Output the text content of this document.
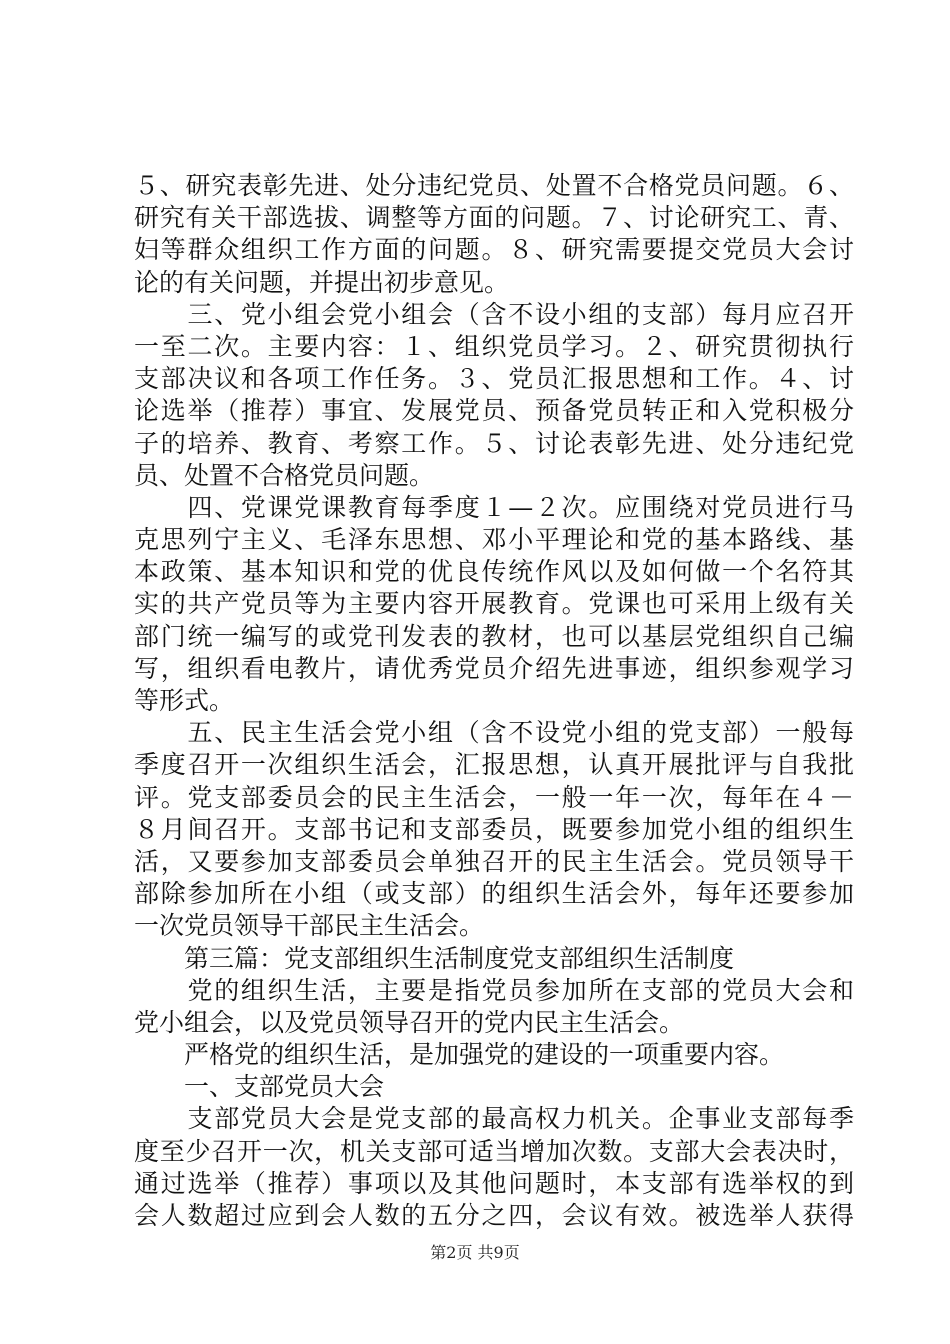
５、研究表彰先进、处分违纪党员、处置不合格党员问题。６、
研究有关干部选拔、调整等方面的问题。７、讨论研究工、青、
妇等群众组织工作方面的问题。８、研究需要提交党员大会讨
论的有关问题，并提出初步意见。
　　三、党小组会党小组会（含不设小组的支部）每月应召开
一至二次。主要内容：１、组织党员学习。２、研究贯彻执行
支部决议和各项工作任务。３、党员汇报思想和工作。４、讨
论选举（推荐）事宜、发展党员、预备党员转正和入党积极分
子的培养、教育、考察工作。５、讨论表彰先进、处分违纪党
员、处置不合格党员问题。
　　四、党课党课教育每季度１—２次。应围绕对党员进行马
克思列宁主义、毛泽东思想、邓小平理论和党的基本路线、基
本政策、基本知识和党的优良传统作风以及如何做一个名符其
实的共产党员等为主要内容开展教育。党课也可采用上级有关
部门统一编写的或党刊发表的教材，也可以基层党组织自己编
写，组织看电教片，请优秀党员介绍先进事迹，组织参观学习
等形式。
　　五、民主生活会党小组（含不设党小组的党支部）一般每
季度召开一次组织生活会，汇报思想，认真开展批评与自我批
评。党支部委员会的民主生活会，一般一年一次，每年在４－
８月间召开。支部书记和支部委员，既要参加党小组的组织生
活，又要参加支部委员会单独召开的民主生活会。党员领导干
部除参加所在小组（或支部）的组织生活会外，每年还要参加
一次党员领导干部民主生活会。
　　第三篇：党支部组织生活制度党支部组织生活制度
　　党的组织生活，主要是指党员参加所在支部的党员大会和
党小组会，以及党员领导召开的党内民主生活会。
　　严格党的组织生活，是加强党的建设的一项重要内容。
　　一、支部党员大会
　　支部党员大会是党支部的最高权力机关。企事业支部每季
度至少召开一次，机关支部可适当增加次数。支部大会表决时，
通过选举（推荐）事项以及其他问题时，本支部有选举权的到
会人数超过应到会人数的五分之四，会议有效。被选举人获得
第2页 共9页
